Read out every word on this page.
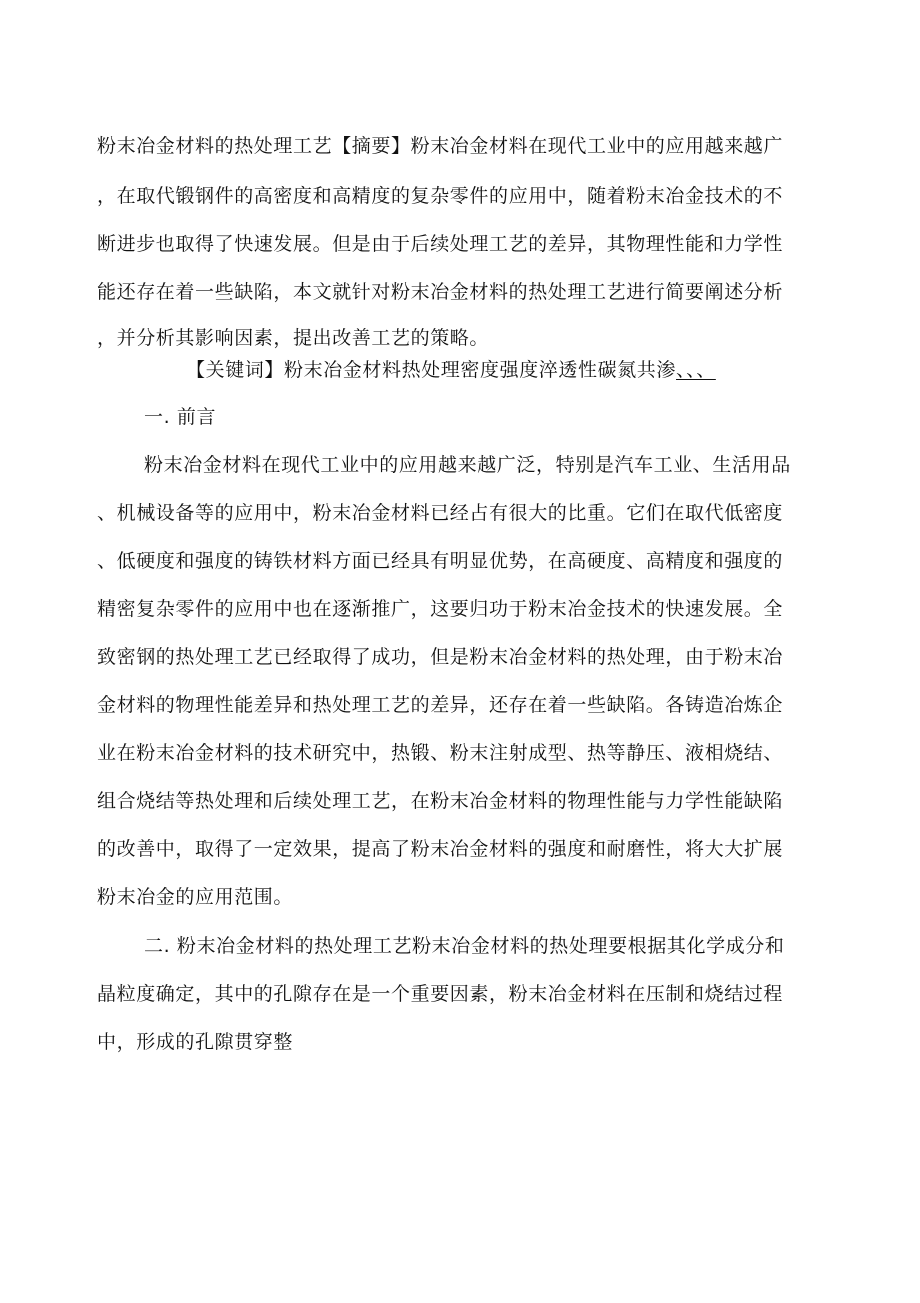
粉末冶金材料的热处理工艺【摘要】粉末冶金材料在现代工业中的应用越来越广
，在取代锻钢件的高密度和高精度的复杂零件的应用中，随着粉末冶金技术的不
断进步也取得了快速发展。但是由于后续处理工艺的差异，其物理性能和力学性
能还存在着一些缺陷，本文就针对粉末冶金材料的热处理工艺进行简要阐述分析
，并分析其影响因素，提出改善工艺的策略。
【关键词】粉末冶金材料热处理密度强度淬透性碳氮共渗、、、
一. 前言
粉末冶金材料在现代工业中的应用越来越广泛，特别是汽车工业、生活用品
、机械设备等的应用中，粉末冶金材料已经占有很大的比重。它们在取代低密度
、低硬度和强度的铸铁材料方面已经具有明显优势，在高硬度、高精度和强度的
精密复杂零件的应用中也在逐渐推广，这要归功于粉末冶金技术的快速发展。全
致密钢的热处理工艺已经取得了成功，但是粉末冶金材料的热处理，由于粉末冶
金材料的物理性能差异和热处理工艺的差异，还存在着一些缺陷。各铸造冶炼企
业在粉末冶金材料的技术研究中，热锻、粉末注射成型、热等静压、液相烧结、
组合烧结等热处理和后续处理工艺，在粉末冶金材料的物理性能与力学性能缺陷
的改善中，取得了一定效果，提高了粉末冶金材料的强度和耐磨性，将大大扩展
粉末冶金的应用范围。
二. 粉末冶金材料的热处理工艺粉末冶金材料的热处理要根据其化学成分和
晶粒度确定，其中的孔隙存在是一个重要因素，粉末冶金材料在压制和烧结过程
中，形成的孔隙贯穿整
